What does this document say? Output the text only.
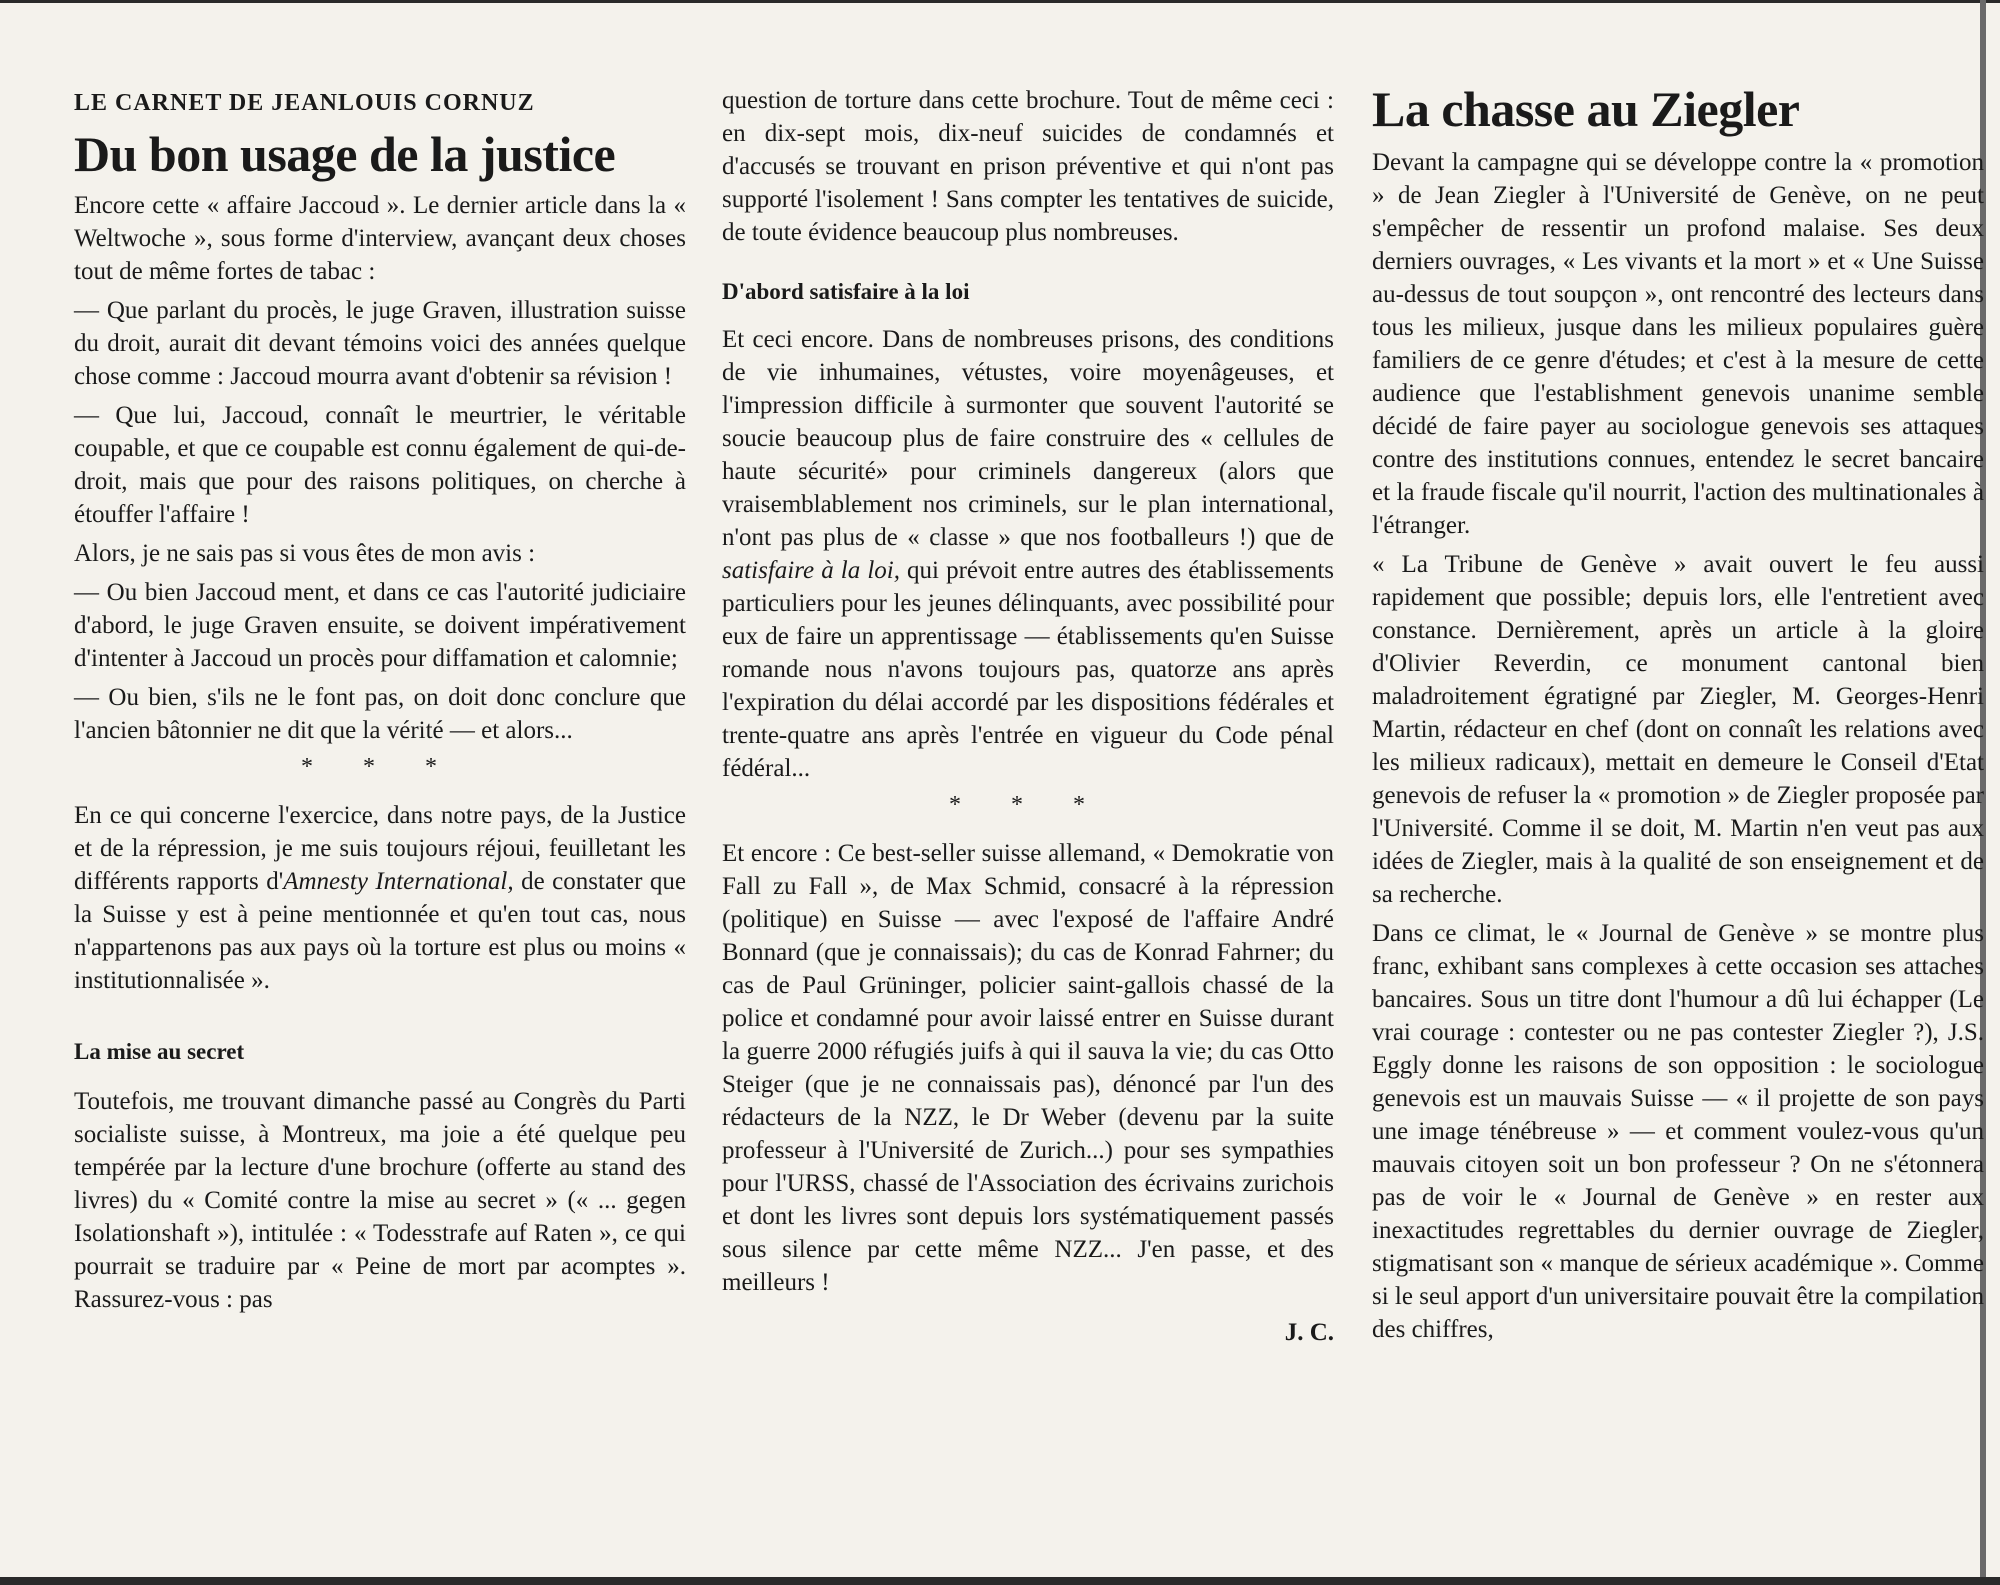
LE CARNET DE JEANLOUIS CORNUZ
Du bon usage de la justice

Encore cette « affaire Jaccoud ». Le dernier article dans la « Weltwoche », sous forme d'interview, avançant deux choses tout de même fortes de tabac :

— Que parlant du procès, le juge Graven, illustration suisse du droit, aurait dit devant témoins voici des années quelque chose comme : Jaccoud mourra avant d'obtenir sa révision !

— Que lui, Jaccoud, connaît le meurtrier, le véritable coupable, et que ce coupable est connu également de qui-de-droit, mais que pour des raisons politiques, on cherche à étouffer l'affaire !

Alors, je ne sais pas si vous êtes de mon avis :

— Ou bien Jaccoud ment, et dans ce cas l'autorité judiciaire d'abord, le juge Graven ensuite, se doivent impérativement d'intenter à Jaccoud un procès pour diffamation et calomnie;

— Ou bien, s'ils ne le font pas, on doit donc conclure que l'ancien bâtonnier ne dit que la vérité — et alors...

* * *

En ce qui concerne l'exercice, dans notre pays, de la Justice et de la répression, je me suis toujours réjoui, feuilletant les différents rapports d'Amnesty International, de constater que la Suisse y est à peine mentionnée et qu'en tout cas, nous n'appartenons pas aux pays où la torture est plus ou moins « institutionnalisée ».

La mise au secret

Toutefois, me trouvant dimanche passé au Congrès du Parti socialiste suisse, à Montreux, ma joie a été quelque peu tempérée par la lecture d'une brochure (offerte au stand des livres) du « Comité contre la mise au secret » (« ... gegen Isolationshaft »), intitulée : « Todesstrafe auf Raten », ce qui pourrait se traduire par « Peine de mort par acomptes ». Rassurez-vous : pas

question de torture dans cette brochure. Tout de même ceci : en dix-sept mois, dix-neuf suicides de condamnés et d'accusés se trouvant en prison préventive et qui n'ont pas supporté l'isolement ! Sans compter les tentatives de suicide, de toute évidence beaucoup plus nombreuses.

D'abord satisfaire à la loi

Et ceci encore. Dans de nombreuses prisons, des conditions de vie inhumaines, vétustes, voire moyenâgeuses, et l'impression difficile à surmonter que souvent l'autorité se soucie beaucoup plus de faire construire des « cellules de haute sécurité» pour criminels dangereux (alors que vraisemblablement nos criminels, sur le plan international, n'ont pas plus de « classe » que nos footballeurs !) que de satisfaire à la loi, qui prévoit entre autres des établissements particuliers pour les jeunes délinquants, avec possibilité pour eux de faire un apprentissage — établissements qu'en Suisse romande nous n'avons toujours pas, quatorze ans après l'expiration du délai accordé par les dispositions fédérales et trente-quatre ans après l'entrée en vigueur du Code pénal fédéral...

* * *

Et encore : Ce best-seller suisse allemand, « Demokratie von Fall zu Fall », de Max Schmid, consacré à la répression (politique) en Suisse — avec l'exposé de l'affaire André Bonnard (que je connaissais); du cas de Konrad Fahrner; du cas de Paul Grüninger, policier saint-gallois chassé de la police et condamné pour avoir laissé entrer en Suisse durant la guerre 2000 réfugiés juifs à qui il sauva la vie; du cas Otto Steiger (que je ne connaissais pas), dénoncé par l'un des rédacteurs de la NZZ, le Dr Weber (devenu par la suite professeur à l'Université de Zurich...) pour ses sympathies pour l'URSS, chassé de l'Association des écrivains zurichois et dont les livres sont depuis lors systématiquement passés sous silence par cette même NZZ... J'en passe, et des meilleurs !

J. C.
La chasse au Ziegler

Devant la campagne qui se développe contre la « promotion » de Jean Ziegler à l'Université de Genève, on ne peut s'empêcher de ressentir un profond malaise. Ses deux derniers ouvrages, « Les vivants et la mort » et « Une Suisse au-dessus de tout soupçon », ont rencontré des lecteurs dans tous les milieux, jusque dans les milieux populaires guère familiers de ce genre d'études; et c'est à la mesure de cette audience que l'establishment genevois unanime semble décidé de faire payer au sociologue genevois ses attaques contre des institutions connues, entendez le secret bancaire et la fraude fiscale qu'il nourrit, l'action des multinationales à l'étranger.

« La Tribune de Genève » avait ouvert le feu aussi rapidement que possible; depuis lors, elle l'entretient avec constance. Dernièrement, après un article à la gloire d'Olivier Reverdin, ce monument cantonal bien maladroitement égratigné par Ziegler, M. Georges-Henri Martin, rédacteur en chef (dont on connaît les relations avec les milieux radicaux), mettait en demeure le Conseil d'Etat genevois de refuser la « promotion » de Ziegler proposée par l'Université. Comme il se doit, M. Martin n'en veut pas aux idées de Ziegler, mais à la qualité de son enseignement et de sa recherche.

Dans ce climat, le « Journal de Genève » se montre plus franc, exhibant sans complexes à cette occasion ses attaches bancaires. Sous un titre dont l'humour a dû lui échapper (Le vrai courage : contester ou ne pas contester Ziegler ?), J.S. Eggly donne les raisons de son opposition : le sociologue genevois est un mauvais Suisse — « il projette de son pays une image ténébreuse » — et comment voulez-vous qu'un mauvais citoyen soit un bon professeur ? On ne s'étonnera pas de voir le « Journal de Genève » en rester aux inexactitudes regrettables du dernier ouvrage de Ziegler, stigmatisant son « manque de sérieux académique ». Comme si le seul apport d'un universitaire pouvait être la compilation des chiffres,
